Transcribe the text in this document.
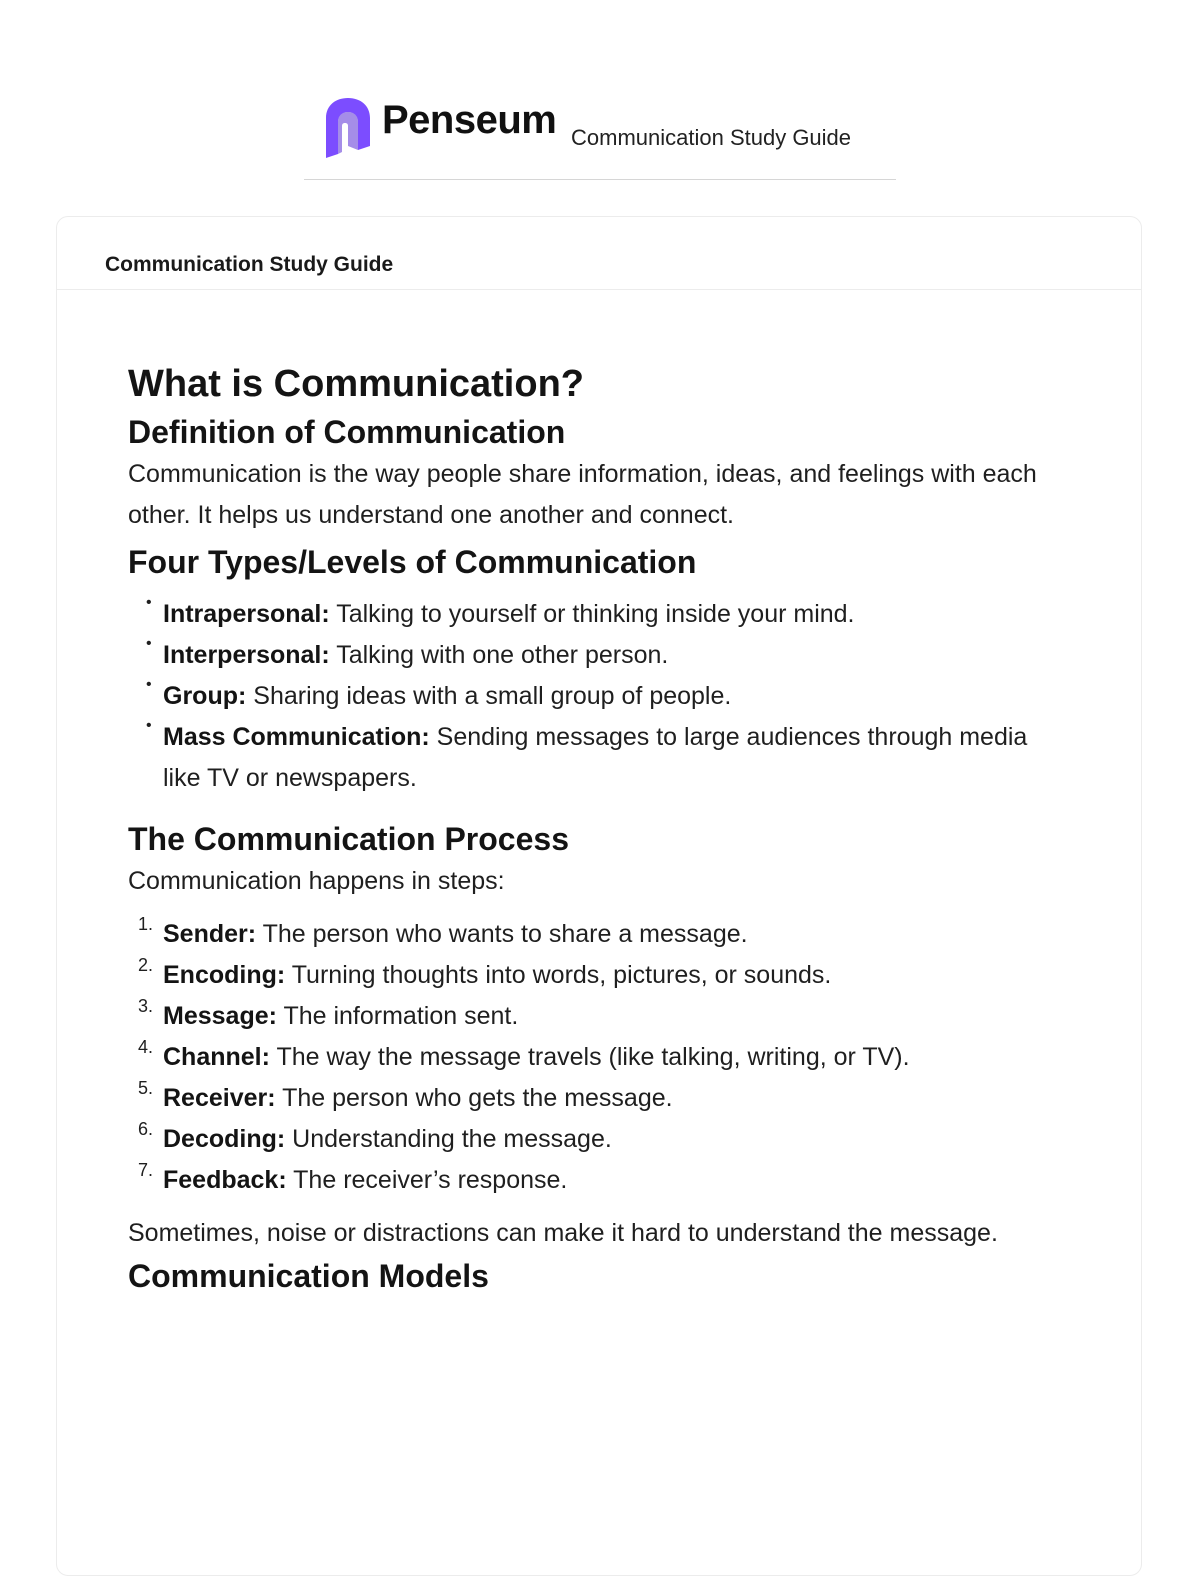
Penseum Communication Study Guide
Communication Study Guide
What is Communication?
Definition of Communication

Communication is the way people share information, ideas, and feelings with each other. It helps us understand one another and connect.

Four Types/Levels of Communication
• Intrapersonal: Talking to yourself or thinking inside your mind.
• Interpersonal: Talking with one other person.
• Group: Sharing ideas with a small group of people.
• Mass Communication: Sending messages to large audiences through media like TV or newspapers.
The Communication Process

Communication happens in steps:

1. Sender: The person who wants to share a message.
2. Encoding: Turning thoughts into words, pictures, or sounds.
3. Message: The information sent.
4. Channel: The way the message travels (like talking, writing, or TV).
5. Receiver: The person who gets the message.
6. Decoding: Understanding the message.
7. Feedback: The receiver’s response.

Sometimes, noise or distractions can make it hard to understand the message.

Communication Models
